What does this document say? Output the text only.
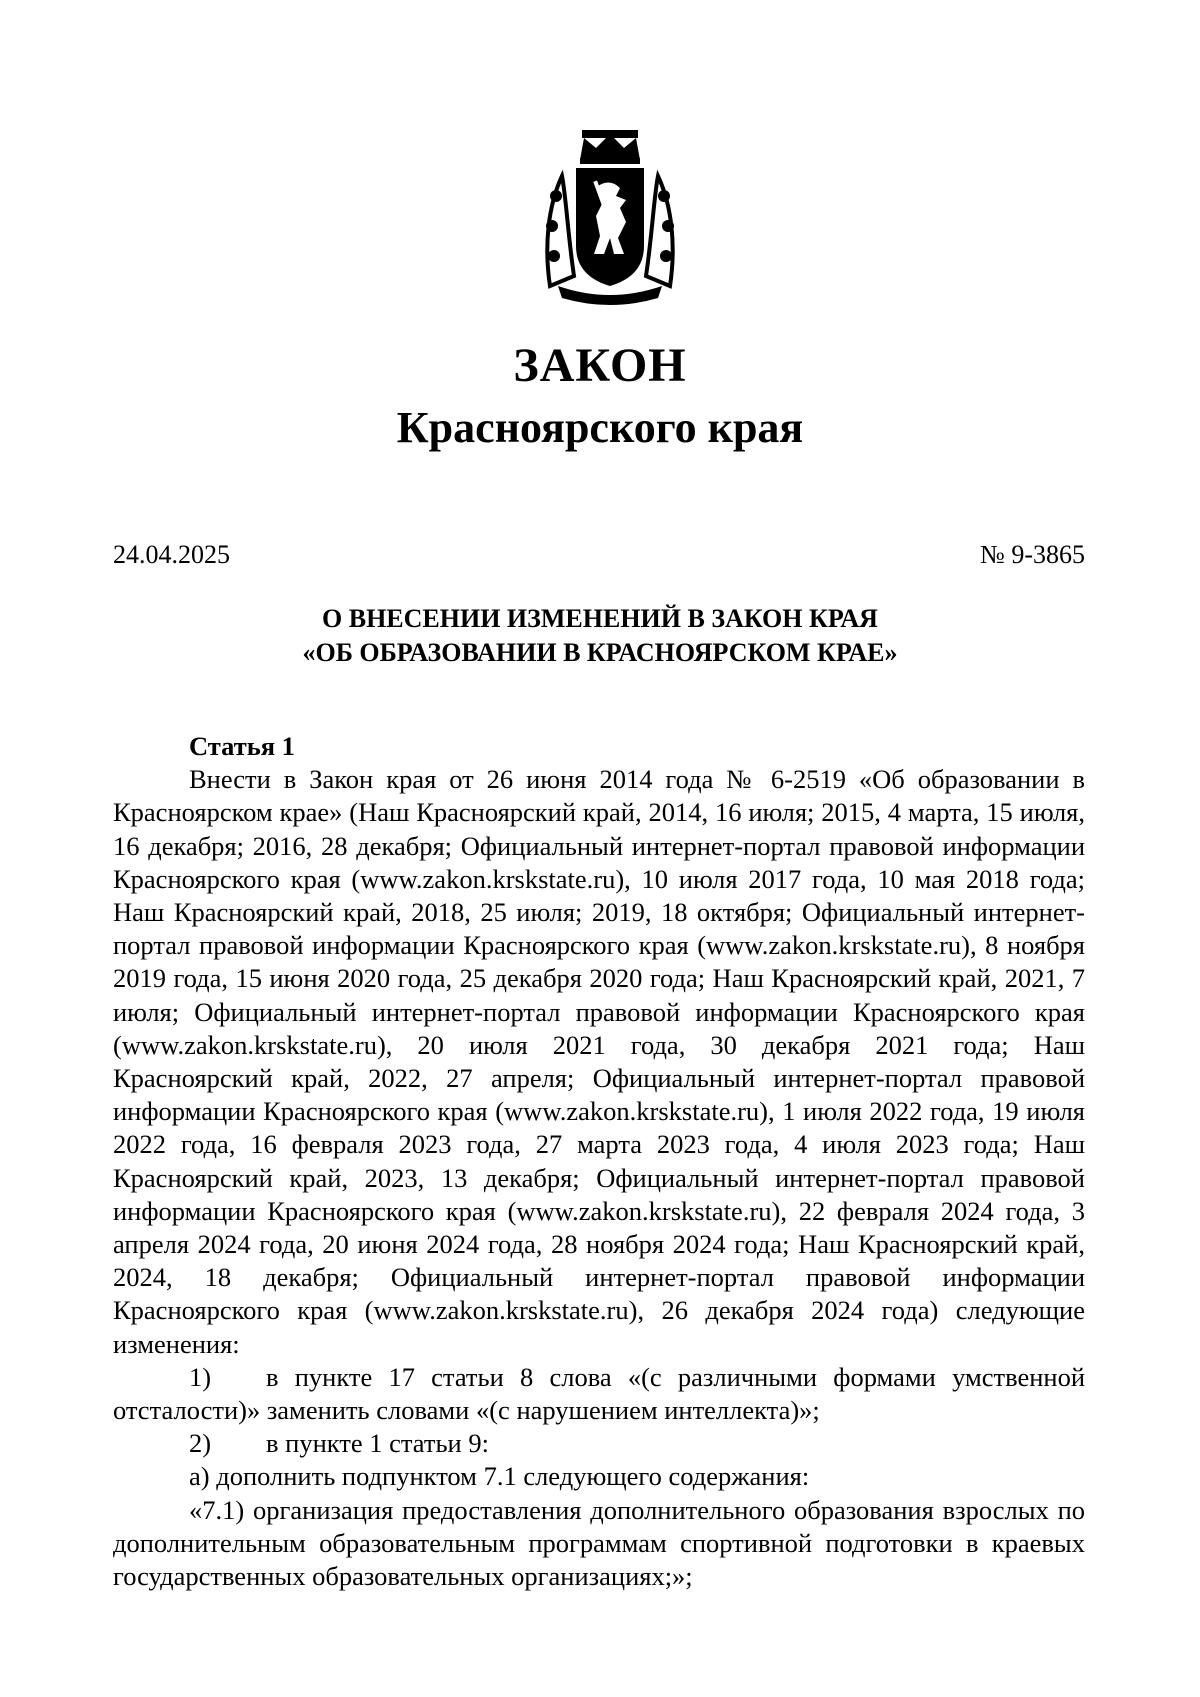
ЗАКОН
Красноярского края
24.04.2025	№ 9-3865
О ВНЕСЕНИИ ИЗМЕНЕНИЙ В ЗАКОН КРАЯ
«ОБ ОБРАЗОВАНИИ В КРАСНОЯРСКОМ КРАЕ»

Статья 1

Внести в Закон края от 26 июня 2014 года № 6-2519 «Об образовании в Красноярском крае» (Наш Красноярский край, 2014, 16 июля; 2015, 4 марта, 15 июля, 16 декабря; 2016, 28 декабря; Официальный интернет-портал правовой информации Красноярского края (www.zakon.krskstate.ru), 10 июля 2017 года, 10 мая 2018 года; Наш Красноярский край, 2018, 25 июля; 2019, 18 октября; Официальный интернет-портал правовой информации Красноярского края (www.zakon.krskstate.ru), 8 ноября 2019 года, 15 июня 2020 года, 25 декабря 2020 года; Наш Красноярский край, 2021, 7 июля; Официальный интернет-портал правовой информации Красноярского края (www.zakon.krskstate.ru), 20 июля 2021 года, 30 декабря 2021 года; Наш Красноярский край, 2022, 27 апреля; Официальный интернет-портал правовой информации Красноярского края (www.zakon.krskstate.ru), 1 июля 2022 года, 19 июля 2022 года, 16 февраля 2023 года, 27 марта 2023 года, 4 июля 2023 года; Наш Красноярский край, 2023, 13 декабря; Официальный интернет-портал правовой информации Красноярского края (www.zakon.krskstate.ru), 22 февраля 2024 года, 3 апреля 2024 года, 20 июня 2024 года, 28 ноября 2024 года; Наш Красноярский край, 2024, 18 декабря; Официальный интернет-портал правовой информации Красноярского края (www.zakon.krskstate.ru), 26 декабря 2024 года) следующие изменения:

1) в пункте 17 статьи 8 слова «(с различными формами умственной отсталости)» заменить словами «(с нарушением интеллекта)»;

2) в пункте 1 статьи 9:

а) дополнить подпунктом 7.1 следующего содержания:

«7.1) организация предоставления дополнительного образования взрослых по дополнительным образовательным программам спортивной подготовки в краевых государственных образовательных организациях;»;
